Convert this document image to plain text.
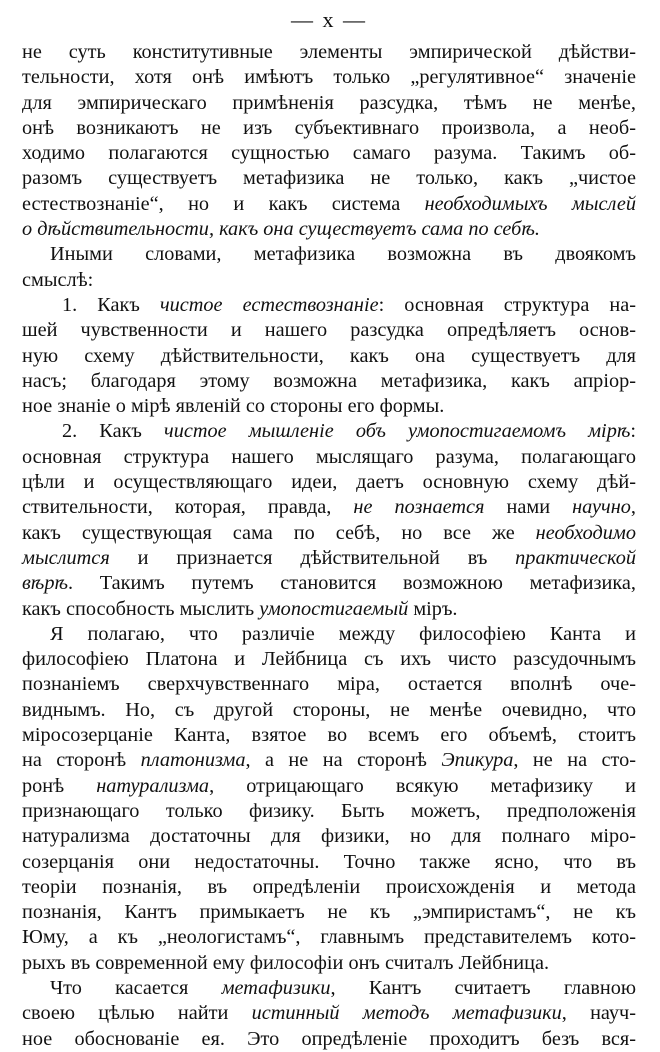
— x —
не суть конститутивные элементы эмпирической дѣйстви-
тельности, хотя онѣ имѣютъ только „регулятивное“ значеніе
для эмпирическаго примѣненія разсудка, тѣмъ не менѣе,
онѣ возникаютъ не изъ субъективнаго произвола, а необ-
ходимо полагаются сущностью самаго разума. Такимъ об-
разомъ существуетъ метафизика не только, какъ „чистое
естествознаніе“, но и какъ система необходимыхъ мыслей
о дѣйствительности, какъ она существуетъ сама по себѣ.
Иными словами, метафизика возможна въ двоякомъ
смыслѣ:
1. Какъ чистое естествознаніе: основная структура на-
шей чувственности и нашего разсудка опредѣляетъ основ-
ную схему дѣйствительности, какъ она существуетъ для
насъ; благодаря этому возможна метафизика, какъ апріор-
ное знаніе о мірѣ явленій со стороны его формы.
2. Какъ чистое мышленіе объ умопостигаемомъ мірѣ:
основная структура нашего мыслящаго разума, полагающаго
цѣли и осуществляющаго идеи, даетъ основную схему дѣй-
ствительности, которая, правда, не познается нами научно,
какъ существующая сама по себѣ, но все же необходимо
мыслится и признается дѣйствительной въ практической
вѣрѣ. Такимъ путемъ становится возможною метафизика,
какъ способность мыслить умопостигаемый міръ.
Я полагаю, что различіе между философіею Канта и
философіею Платона и Лейбница съ ихъ чисто разсудочнымъ
познаніемъ сверхчувственнаго міра, остается вполнѣ оче-
виднымъ. Но, съ другой стороны, не менѣе очевидно, что
міросозерцаніе Канта, взятое во всемъ его объемѣ, стоитъ
на сторонѣ платонизма, а не на сторонѣ Эпикура, не на сто-
ронѣ натурализма, отрицающаго всякую метафизику и
признающаго только физику. Быть можетъ, предположенія
натурализма достаточны для физики, но для полнаго міро-
созерцанія они недостаточны. Точно также ясно, что въ
теоріи познанія, въ опредѣленіи происхожденія и метода
познанія, Кантъ примыкаетъ не къ „эмпиристамъ“, не къ
Юму, а къ „неологистамъ“, главнымъ представителемъ кото-
рыхъ въ современной ему философіи онъ считалъ Лейбница.
Что касается метафизики, Кантъ считаетъ главною
своею цѣлью найти истинный методъ метафизики, науч-
ное обоснованіе ея. Это опредѣленіе проходитъ безъ вся-
